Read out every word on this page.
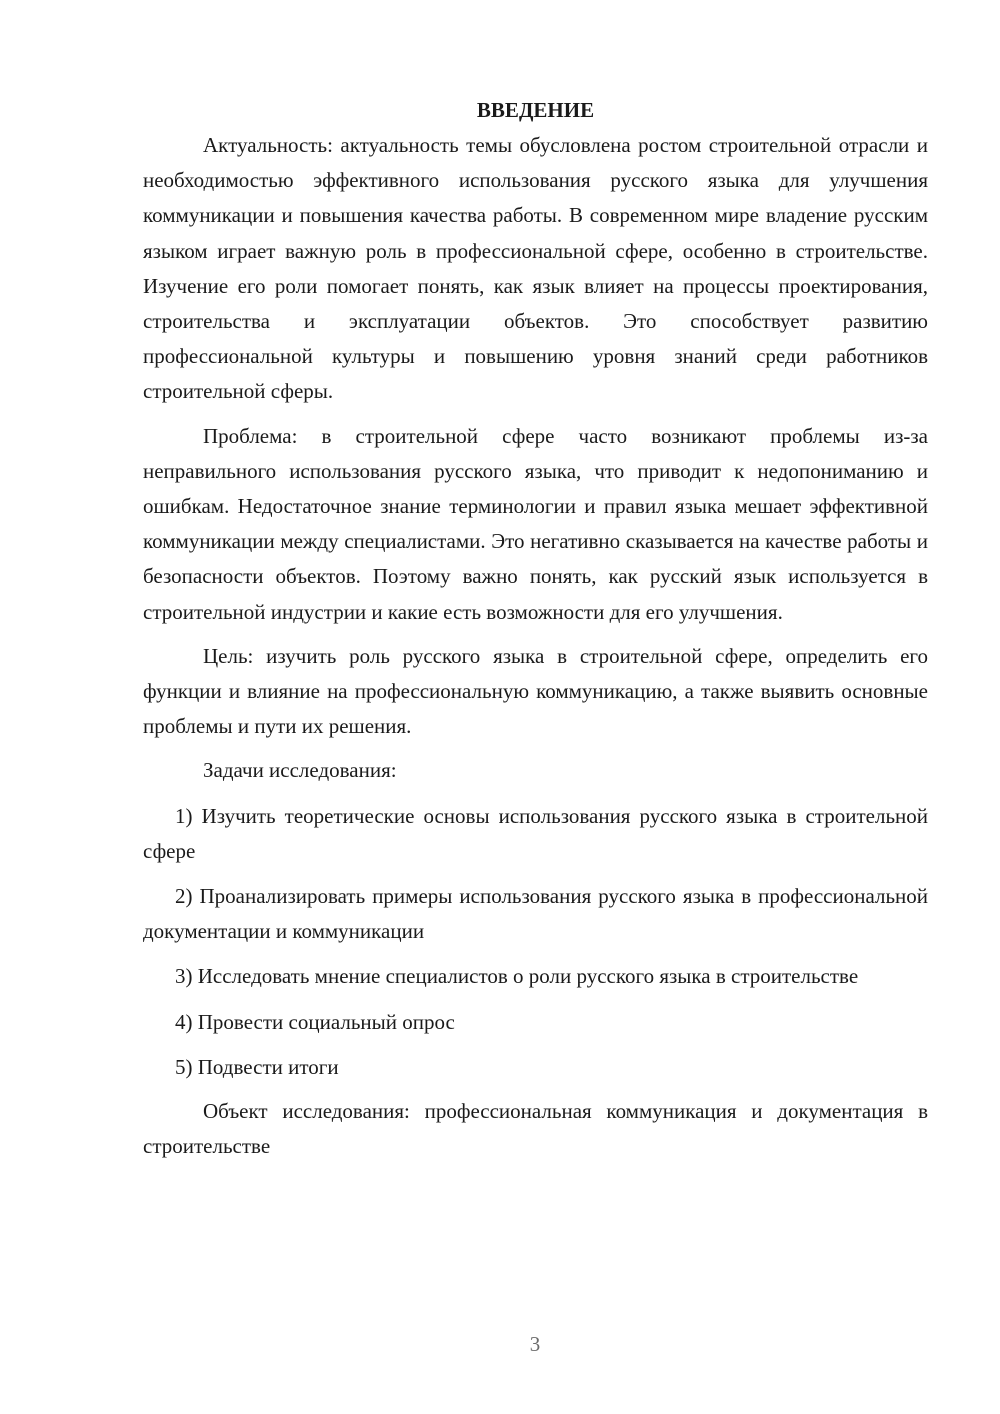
ВВЕДЕНИЕ

Актуальность: актуальность темы обусловлена ростом строительной отрасли и необходимостью эффективного использования русского языка для улучшения коммуникации и повышения качества работы. В современном мире владение русским языком играет важную роль в профессиональной сфере, особенно в строительстве. Изучение его роли помогает понять, как язык влияет на процессы проектирования, строительства и эксплуатации объектов. Это способствует развитию профессиональной культуры и повышению уровня знаний среди работников строительной сферы.

Проблема: в строительной сфере часто возникают проблемы из-за неправильного использования русского языка, что приводит к недопониманию и ошибкам. Недостаточное знание терминологии и правил языка мешает эффективной коммуникации между специалистами. Это негативно сказывается на качестве работы и безопасности объектов. Поэтому важно понять, как русский язык используется в строительной индустрии и какие есть возможности для его улучшения.

Цель: изучить роль русского языка в строительной сфере, определить его функции и влияние на профессиональную коммуникацию, а также выявить основные проблемы и пути их решения.

Задачи исследования:

1) Изучить теоретические основы использования русского языка в строительной сфере

2) Проанализировать примеры использования русского языка в профессиональной документации и коммуникации

3) Исследовать мнение специалистов о роли русского языка в строительстве

4) Провести социальный опрос

5) Подвести итоги

Объект исследования: профессиональная коммуникация и документация в строительстве

3
